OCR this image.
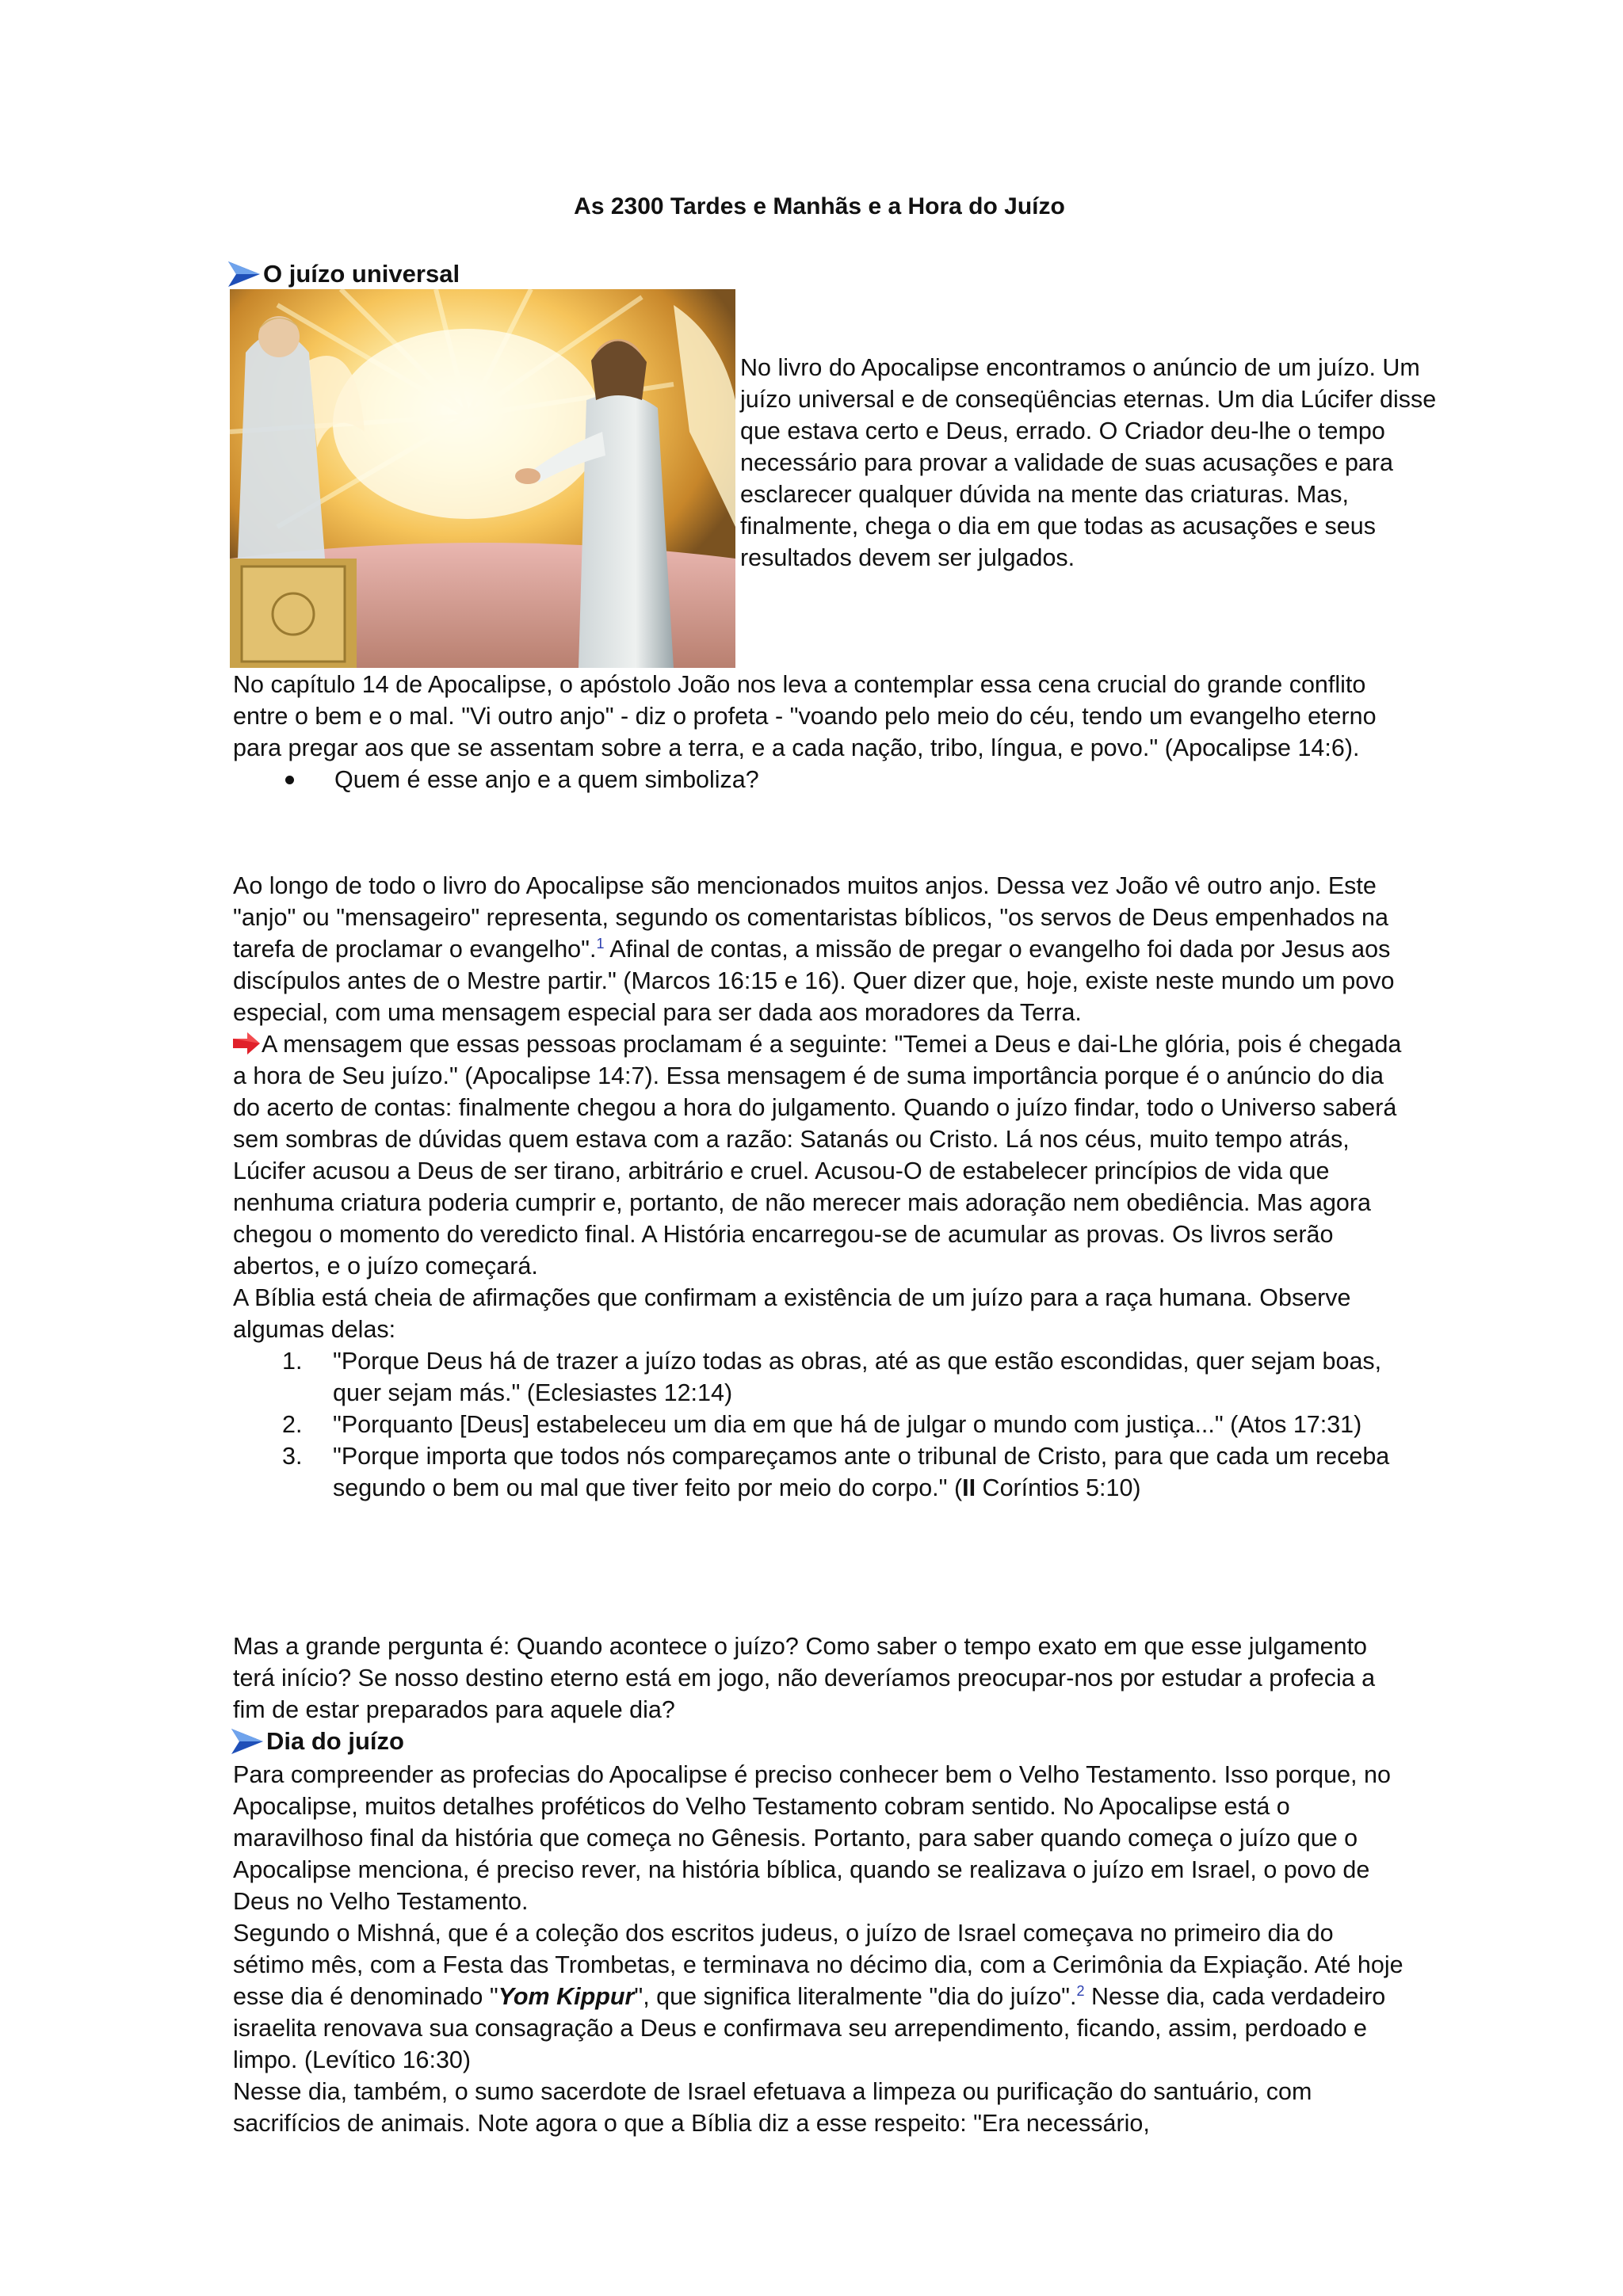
As 2300 Tardes e Manhãs e a Hora do Juízo
O juízo universal
No livro do Apocalipse encontramos o anúncio de um juízo. Um juízo universal e de conseqüências eternas. Um dia Lúcifer disse que estava certo e Deus, errado. O Criador deu-lhe o tempo necessário para provar a validade de suas acusações e para esclarecer qualquer dúvida na mente das criaturas. Mas, finalmente, chega o dia em que todas as acusações e seus resultados devem ser julgados.

No capítulo 14 de Apocalipse, o apóstolo João nos leva a contemplar essa cena crucial do grande conflito entre o bem e o mal. "Vi outro anjo" - diz o profeta - "voando pelo meio do céu, tendo um evangelho eterno para pregar aos que se assentam sobre a terra, e a cada nação, tribo, língua, e povo." (Apocalipse 14:6).

Quem é esse anjo e a quem simboliza?

Ao longo de todo o livro do Apocalipse são mencionados muitos anjos. Dessa vez João vê outro anjo. Este "anjo" ou "mensageiro" representa, segundo os comentaristas bíblicos, "os servos de Deus empenhados na tarefa de proclamar o evangelho".$^1$ Afinal de contas, a missão de pregar o evangelho foi dada por Jesus aos discípulos antes de o Mestre partir." (Marcos 16:15 e 16). Quer dizer que, hoje, existe neste mundo um povo especial, com uma mensagem especial para ser dada aos moradores da Terra.

A mensagem que essas pessoas proclamam é a seguinte: "Temei a Deus e dai-Lhe glória, pois é chegada a hora de Seu juízo." (Apocalipse 14:7). Essa mensagem é de suma importância porque é o anúncio do dia do acerto de contas: finalmente chegou a hora do julgamento. Quando o juízo findar, todo o Universo saberá sem sombras de dúvidas quem estava com a razão: Satanás ou Cristo. Lá nos céus, muito tempo atrás, Lúcifer acusou a Deus de ser tirano, arbitrário e cruel. Acusou-O de estabelecer princípios de vida que nenhuma criatura poderia cumprir e, portanto, de não merecer mais adoração nem obediência. Mas agora chegou o momento do veredicto final. A História encarregou-se de acumular as provas. Os livros serão abertos, e o juízo começará.

A Bíblia está cheia de afirmações que confirmam a existência de um juízo para a raça humana. Observe algumas delas:

1. "Porque Deus há de trazer a juízo todas as obras, até as que estão escondidas, quer sejam boas, quer sejam más." (Eclesiastes 12:14)
2. "Porquanto [Deus] estabeleceu um dia em que há de julgar o mundo com justiça..." (Atos 17:31)
3. "Porque importa que todos nós compareçamos ante o tribunal de Cristo, para que cada um receba segundo o bem ou mal que tiver feito por meio do corpo." (II Coríntios 5:10)

Mas a grande pergunta é: Quando acontece o juízo? Como saber o tempo exato em que esse julgamento terá início? Se nosso destino eterno está em jogo, não deveríamos preocupar-nos por estudar a profecia a fim de estar preparados para aquele dia?

Dia do juízo

Para compreender as profecias do Apocalipse é preciso conhecer bem o Velho Testamento. Isso porque, no Apocalipse, muitos detalhes proféticos do Velho Testamento cobram sentido. No Apocalipse está o maravilhoso final da história que começa no Gênesis. Portanto, para saber quando começa o juízo que o Apocalipse menciona, é preciso rever, na história bíblica, quando se realizava o juízo em Israel, o povo de Deus no Velho Testamento.

Segundo o Mishná, que é a coleção dos escritos judeus, o juízo de Israel começava no primeiro dia do sétimo mês, com a Festa das Trombetas, e terminava no décimo dia, com a Cerimônia da Expiação. Até hoje esse dia é denominado "Yom Kippur", que significa literalmente "dia do juízo".$^2$ Nesse dia, cada verdadeiro israelita renovava sua consagração a Deus e confirmava seu arrependimento, ficando, assim, perdoado e limpo. (Levítico 16:30)

Nesse dia, também, o sumo sacerdote de Israel efetuava a limpeza ou purificação do santuário, com sacrifícios de animais. Note agora o que a Bíblia diz a esse respeito: "Era necessário,
